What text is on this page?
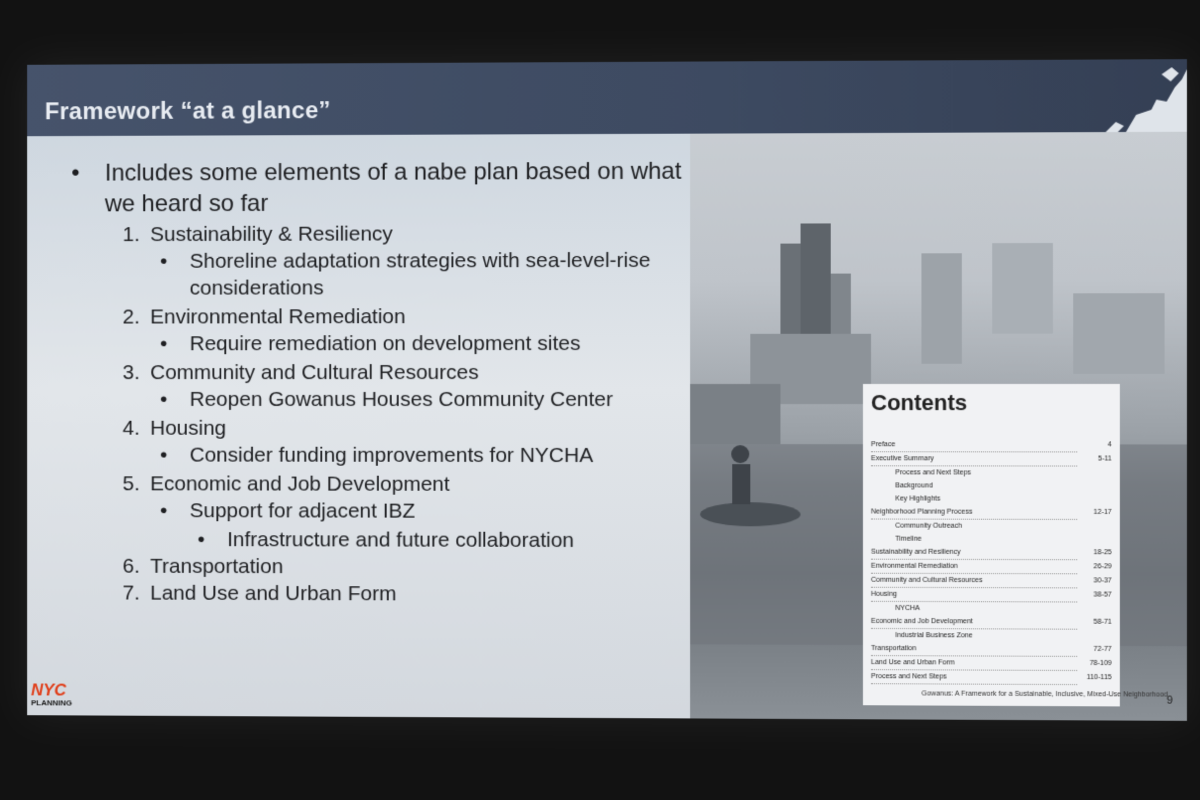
Framework “at a glance”
•	Includes some elements of a nabe plan based on what we heard so far
1. Sustainability & Resiliency
•	Shoreline adaptation strategies with sea-level-rise considerations
2. Environmental Remediation
•	Require remediation on development sites
3. Community and Cultural Resources
•	Reopen Gowanus Houses Community Center
4. Housing
•	Consider funding improvements for NYCHA
5. Economic and Job Development
•	Support for adjacent IBZ
•	Infrastructure and future collaboration
6. Transportation
7. Land Use and Urban Form
Contents
Preface	4
Executive Summary	5-11
Process and Next Steps
Background
Key Highlights
Neighborhood Planning Process	12-17
Community Outreach
Timeline
Sustainability and Resiliency	18-25
Environmental Remediation	26-29
Community and Cultural Resources	30-37
Housing	38-57
NYCHA
Economic and Job Development	58-71
Industrial Business Zone
Transportation	72-77
Land Use and Urban Form	78-109
Process and Next Steps	110-115
Gowanus: A Framework for a Sustainable, Inclusive, Mixed-Use Neighborhood
9
NYC
PLANNING
